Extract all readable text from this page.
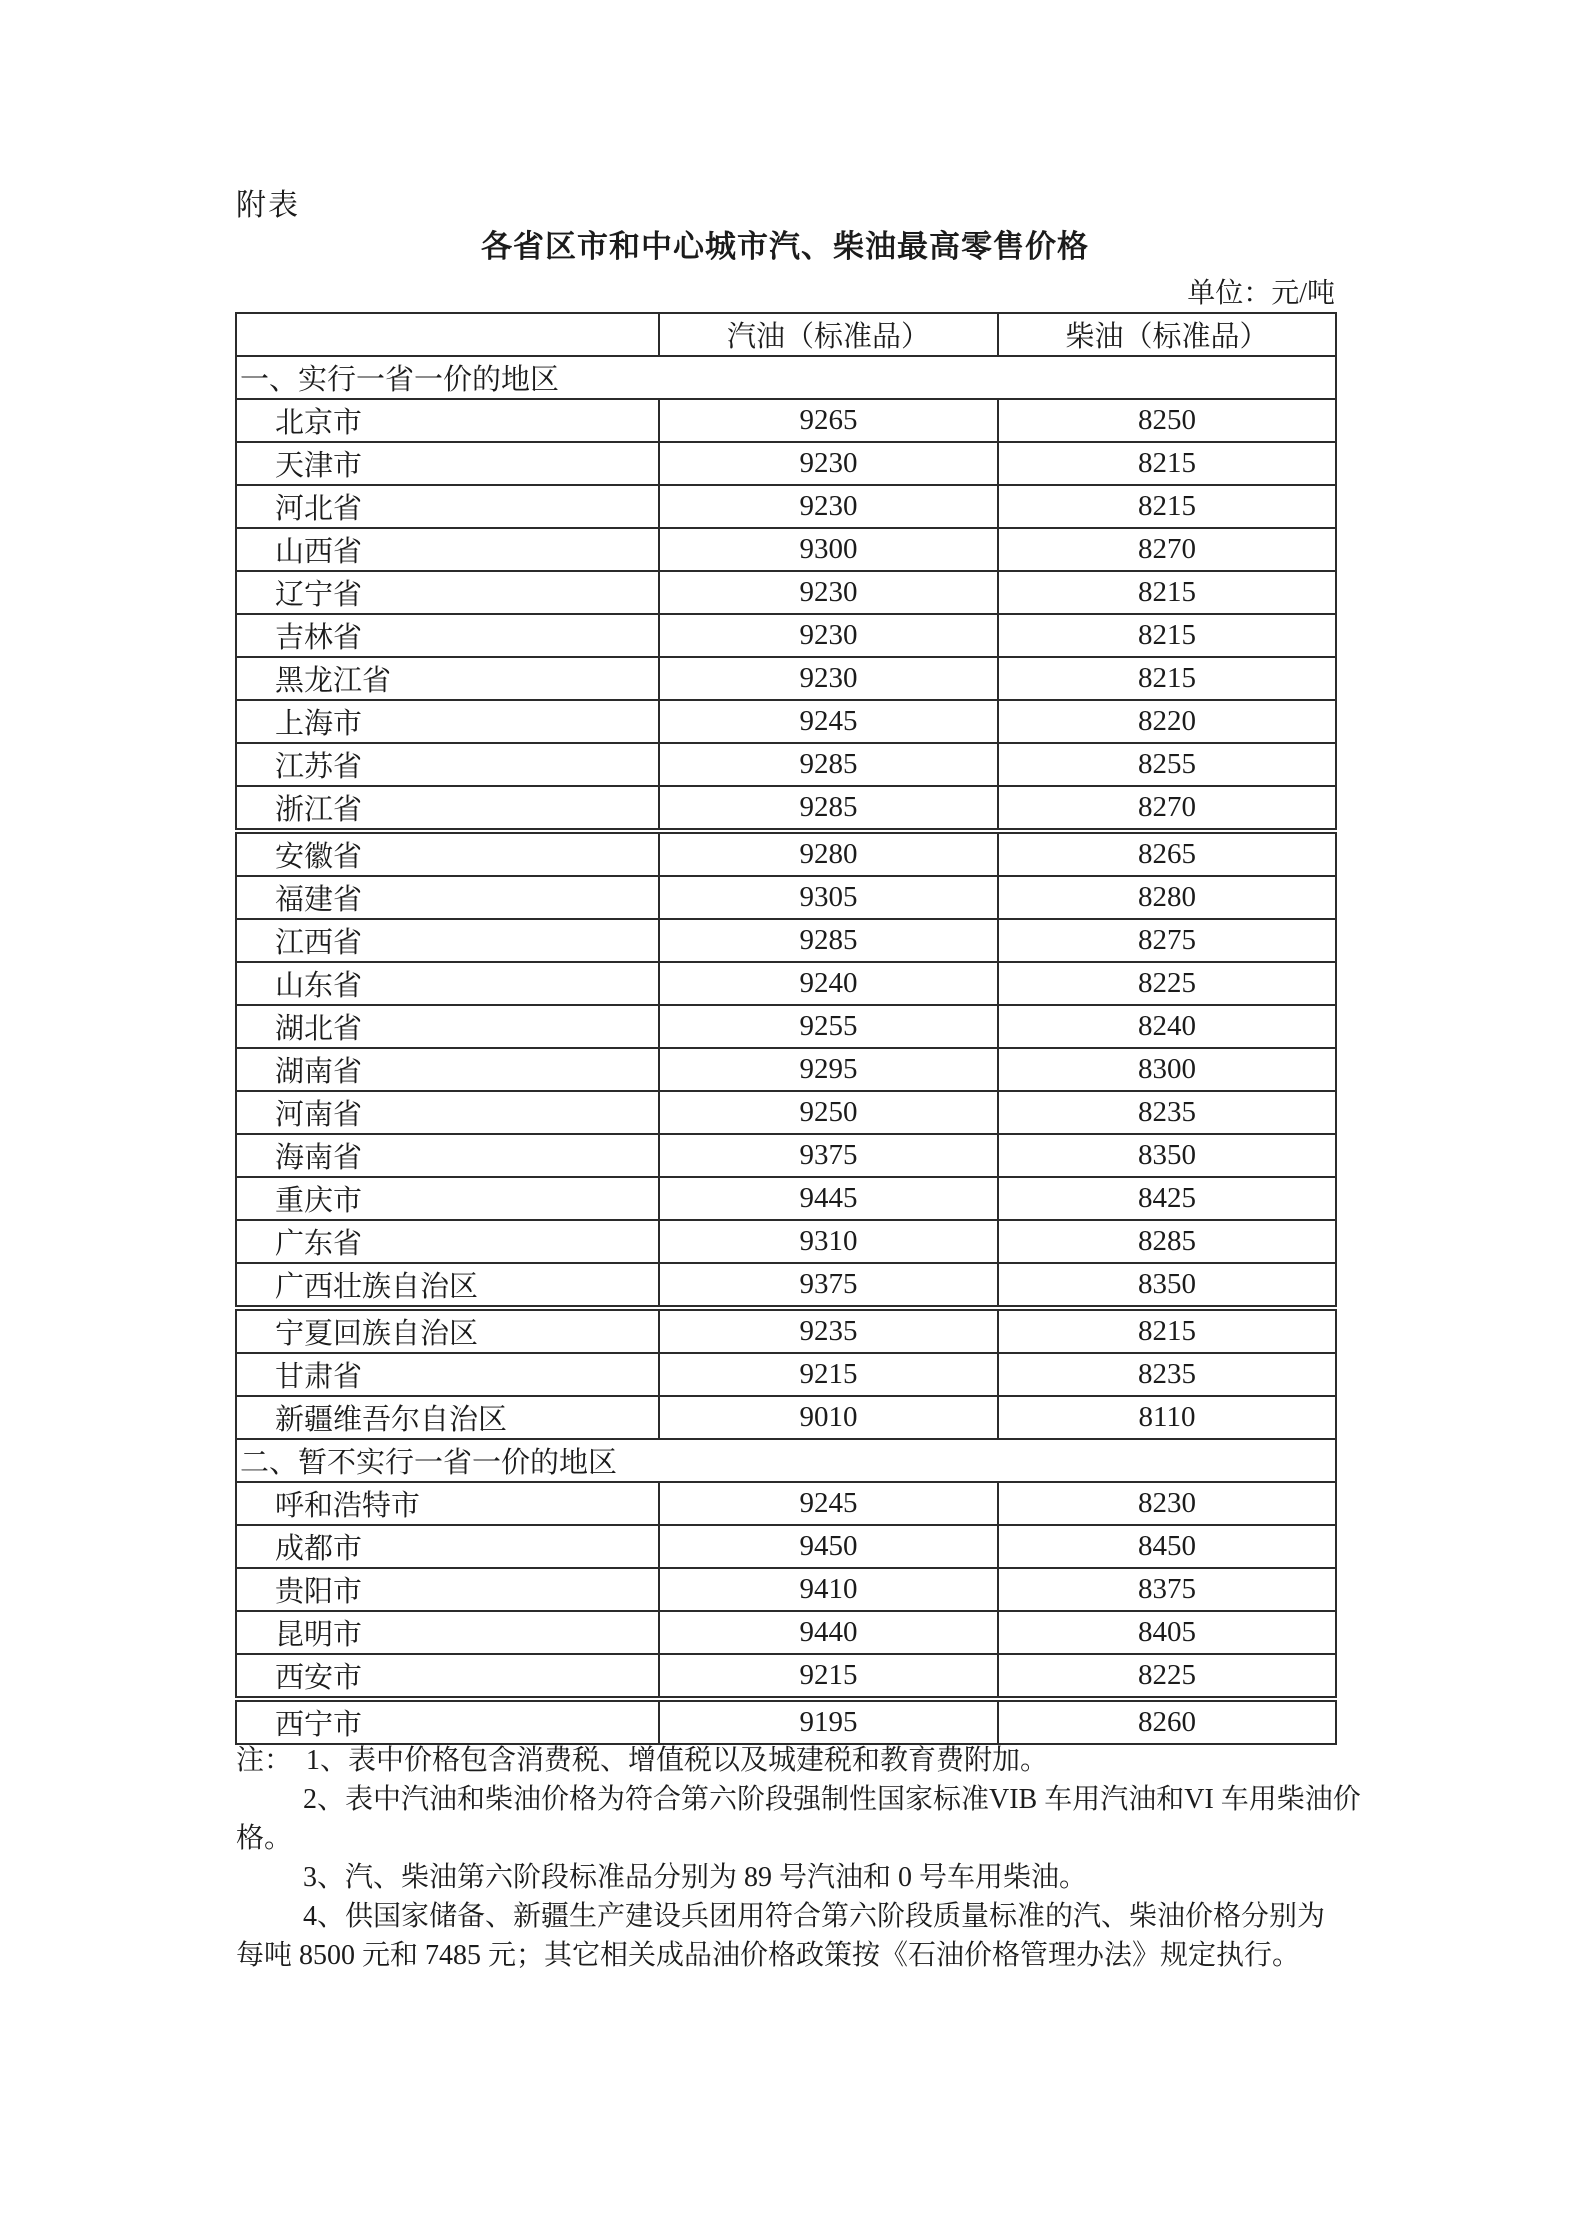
附表
各省区市和中心城市汽、柴油最高零售价格
单位：元/吨
	汽油（标准品）	柴油（标准品）
一、实行一省一价的地区		
北京市	9265	8250
天津市	9230	8215
河北省	9230	8215
山西省	9300	8270
辽宁省	9230	8215
吉林省	9230	8215
黑龙江省	9230	8215
上海市	9245	8220
江苏省	9285	8255
浙江省	9285	8270
安徽省	9280	8265
福建省	9305	8280
江西省	9285	8275
山东省	9240	8225
湖北省	9255	8240
湖南省	9295	8300
河南省	9250	8235
海南省	9375	8350
重庆市	9445	8425
广东省	9310	8285
广西壮族自治区	9375	8350
宁夏回族自治区	9235	8215
甘肃省	9215	8235
新疆维吾尔自治区	9010	8110
二、暂不实行一省一价的地区		
呼和浩特市	9245	8230
成都市	9450	8450
贵阳市	9410	8375
昆明市	9440	8405
西安市	9215	8225
西宁市	9195	8260
注：  1、表中价格包含消费税、增值税以及城建税和教育费附加。
2、表中汽油和柴油价格为符合第六阶段强制性国家标准VIB 车用汽油和VI 车用柴油价
格。
3、汽、柴油第六阶段标准品分别为 89 号汽油和 0 号车用柴油。
4、供国家储备、新疆生产建设兵团用符合第六阶段质量标准的汽、柴油价格分别为
每吨 8500 元和 7485 元；其它相关成品油价格政策按《石油价格管理办法》规定执行。
